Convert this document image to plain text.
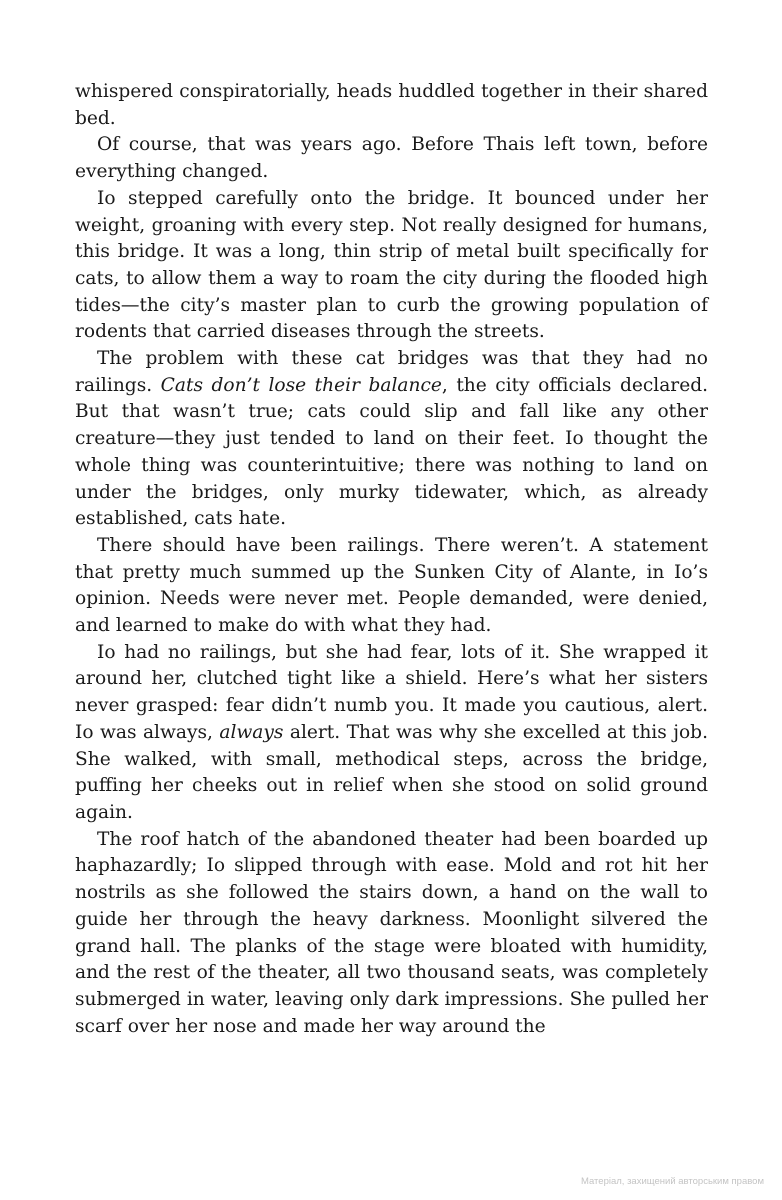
whispered conspiratorially, heads huddled together in their shared bed.

Of course, that was years ago. Before Thais left town, before everything changed.

Io stepped carefully onto the bridge. It bounced under her weight, groaning with every step. Not really designed for humans, this bridge. It was a long, thin strip of metal built specifically for cats, to allow them a way to roam the city during the flooded high tides—the city’s master plan to curb the growing population of rodents that carried diseases through the streets.

The problem with these cat bridges was that they had no railings. Cats don’t lose their balance, the city officials declared. But that wasn’t true; cats could slip and fall like any other creature—they just tended to land on their feet. Io thought the whole thing was counterintuitive; there was nothing to land on under the bridges, only murky tidewater, which, as already established, cats hate.

There should have been railings. There weren’t. A statement that pretty much summed up the Sunken City of Alante, in Io’s opinion. Needs were never met. People demanded, were denied, and learned to make do with what they had.

Io had no railings, but she had fear, lots of it. She wrapped it around her, clutched tight like a shield. Here’s what her sisters never grasped: fear didn’t numb you. It made you cautious, alert. Io was always, always alert. That was why she excelled at this job. She walked, with small, methodical steps, across the bridge, puffing her cheeks out in relief when she stood on solid ground again.

The roof hatch of the abandoned theater had been boarded up haphazardly; Io slipped through with ease. Mold and rot hit her nostrils as she followed the stairs down, a hand on the wall to guide her through the heavy darkness. Moonlight silvered the grand hall. The planks of the stage were bloated with humidity, and the rest of the theater, all two thousand seats, was completely submerged in water, leaving only dark impressions. She pulled her scarf over her nose and made her way around the

Матеріал, захищений авторським правом
